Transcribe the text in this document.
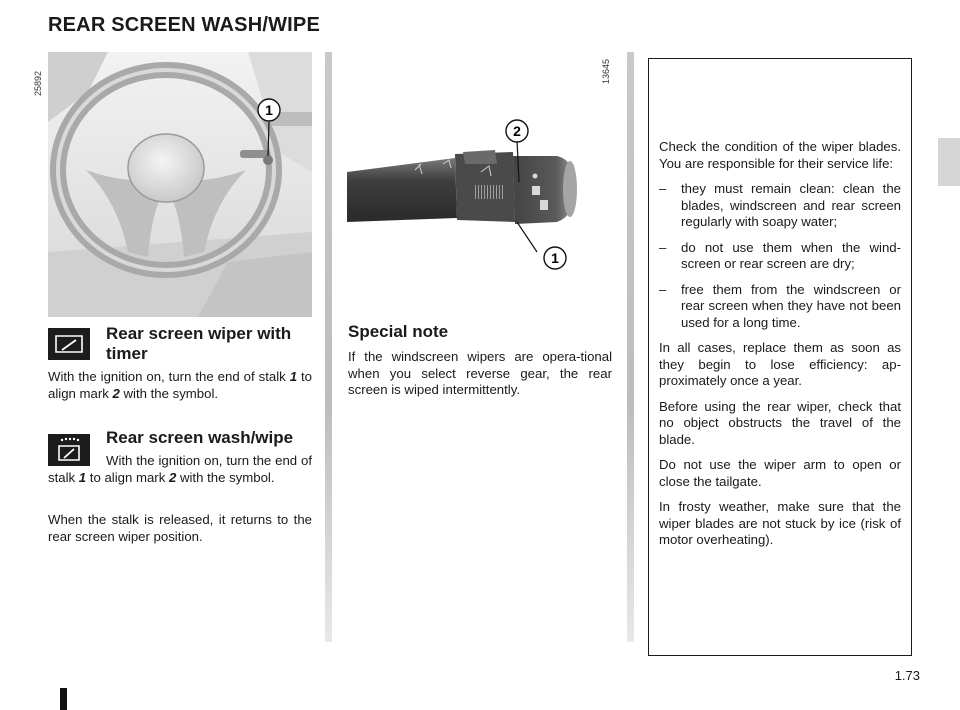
REAR SCREEN WASH/WIPE
1
25892
2
1
13645
Rear screen wiper with timer

With the ignition on, turn the end of stalk 1 to align mark 2 with the symbol.

Rear screen wash/wipe

With the ignition on, turn the end of stalk 1 to align mark 2 with the symbol.

When the stalk is released, it returns to the rear screen wiper position.

Special note

If the windscreen wipers are opera-tional when you select reverse gear, the rear screen is wiped intermittently.

Check the condition of the wiper blades. You are responsible for their service life:

–	they must remain clean: clean the blades, windscreen and rear screen regularly with soapy water;

–	do not use them when the wind-screen or rear screen are dry;

–	free them from the windscreen or rear screen when they have not been used for a long time.

In all cases, replace them as soon as they begin to lose efficiency: ap-proximately once a year.

Before using the rear wiper, check that no object obstructs the travel of the blade.

Do not use the wiper arm to open or close the tailgate.

In frosty weather, make sure that the wiper blades are not stuck by ice (risk of motor overheating).

1.73
